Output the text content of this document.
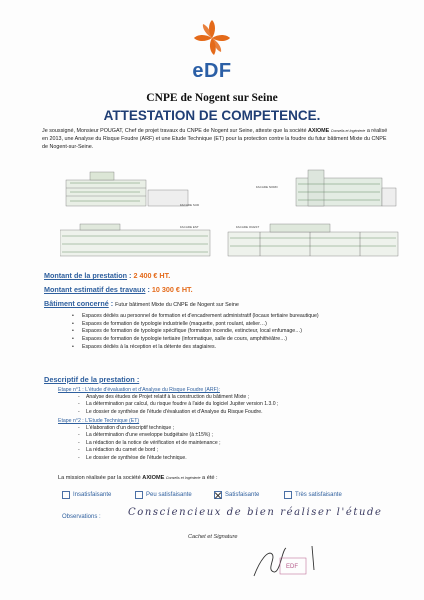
eDF
CNPE de Nogent sur Seine
ATTESTATION DE COMPETENCE.
Je soussigné, Monsieur POUGAT, Chef de projet travaux du CNPE de Nogent sur Seine, atteste que la société AXIOME Conseils et Ingénierie a réalisé en 2013, une Analyse du Risque Foudre (ARF) et une Etude Technique (ET) pour la protection contre la foudre du futur bâtiment Mixte du CNPE de Nogent-sur-Seine.
FACADE SUD
FACADE NORD
FACADE EST	FACADE OUEST
Montant de la prestation : 2 400 € HT.
Montant estimatif des travaux : 10 300 € HT.
Bâtiment concerné : Futur bâtiment Mixte du CNPE de Nogent sur Seine
• Espaces dédiés au personnel de formation et d'encadrement administratif (locaux tertiaire bureautique)
• Espaces de formation de typologie industrielle (maquette, pont roulant, atelier…)
• Espaces de formation de typologie spécifique (formation incendie, extincteur, local enfumage…)
• Espaces de formation de typologie tertiaire (informatique, salle de cours, amphithéâtre…)
• Espaces dédiés à la réception et la détente des stagiaires.
Descriptif de la prestation :
Etape n°1 : L'étude d'évaluation et d'Analyse du Risque Foudre (ARF):
- Analyse des études de Projet relatif à la construction du bâtiment Mixte ;
- La détermination par calcul, du risque foudre à l'aide du logiciel Jupiter version 1.3.0 ;
- Le dossier de synthèse de l'étude d'évaluation et d'Analyse du Risque Foudre.
Etape n°2 : L'Etude Technique (ET)
- L'élaboration d'un descriptif technique ;
- La détermination d'une enveloppe budgétaire (à ±15%) ;
- La rédaction de la notice de vérification et de maintenance ;
- La rédaction du carnet de bord ;
- Le dossier de synthèse de l'étude technique.
La mission réalisée par la société AXIOME Conseils et Ingénierie a été :
Insatisfaisante	Peu satisfaisante	Satisfaisante	Très satisfaisante
Observations :	Consciencieux de bien réaliser l'étude
Cachet et Signature
EDF
